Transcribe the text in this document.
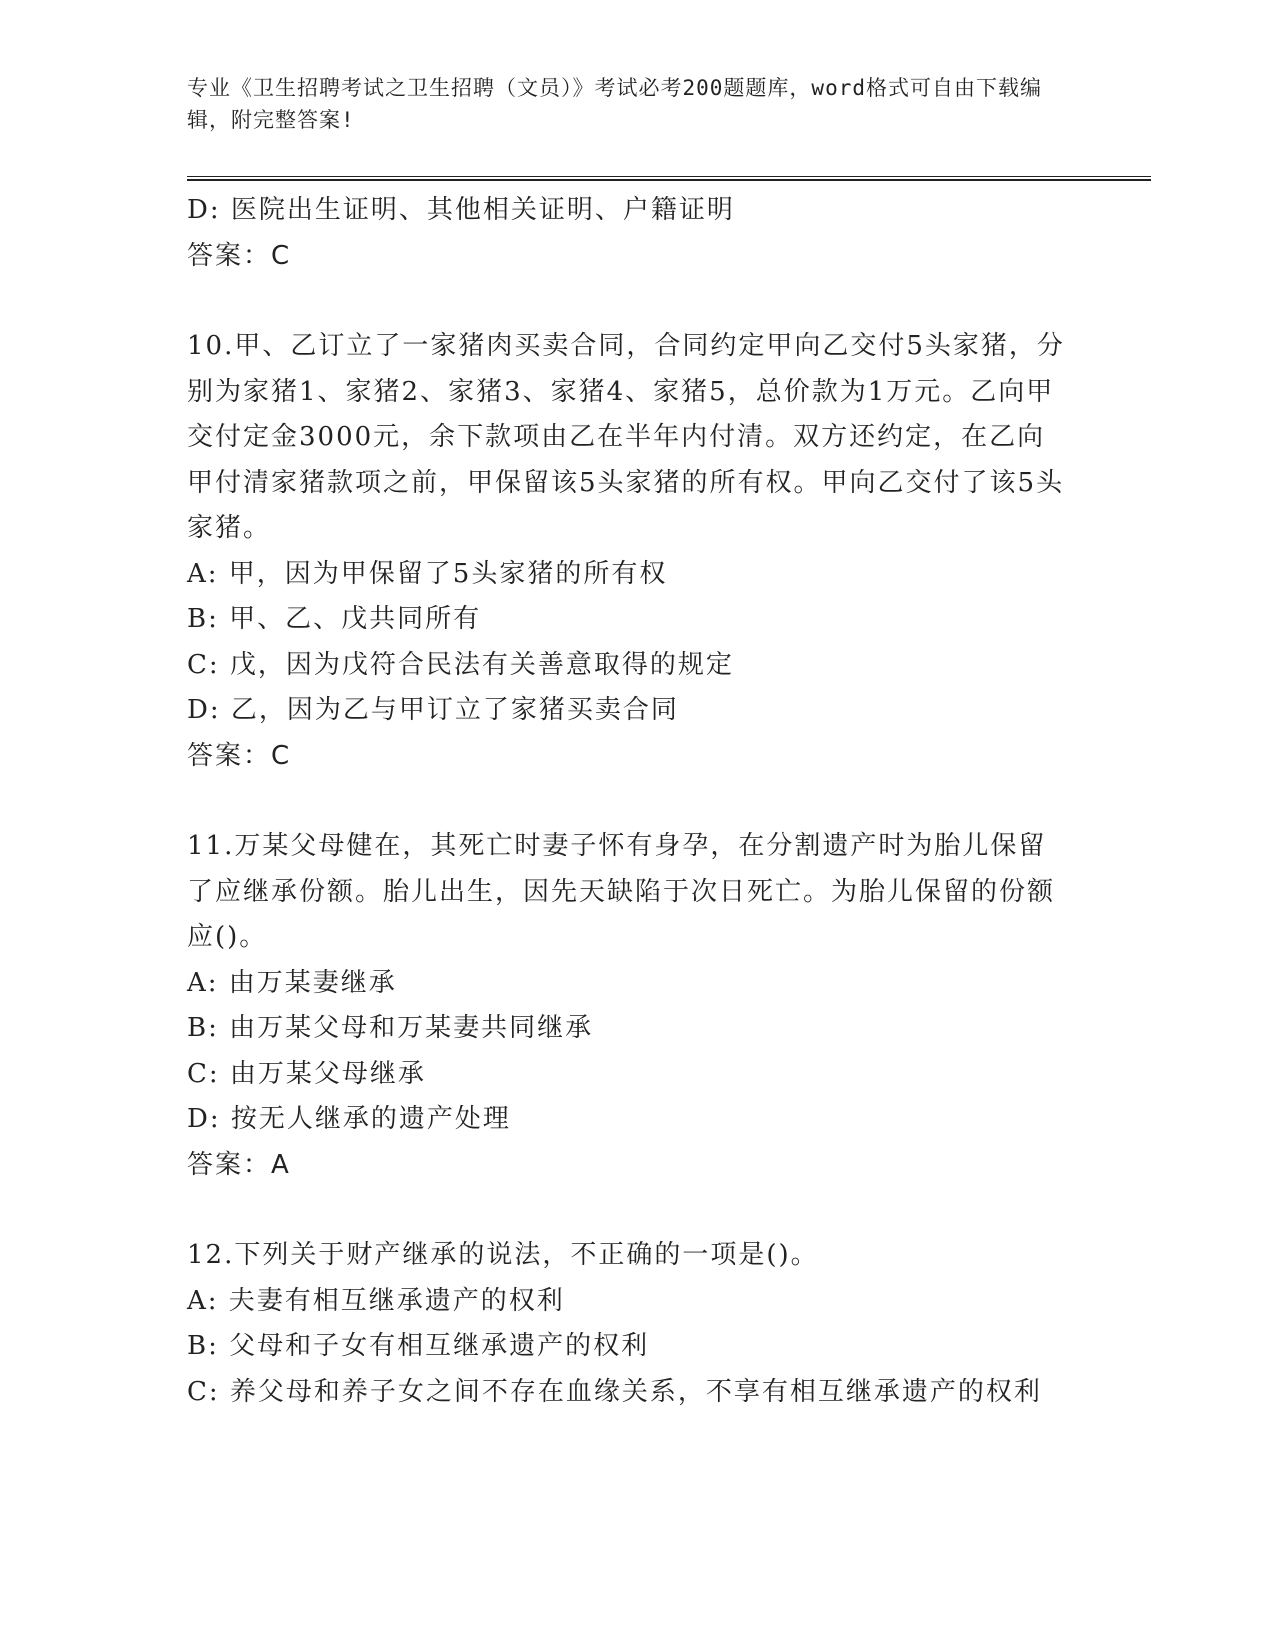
专业《卫生招聘考试之卫生招聘（文员）》考试必考200题题库，word格式可自由下载编辑，附完整答案!
D: 医院出生证明、其他相关证明、户籍证明
答案：C
10.甲、乙订立了一家猪肉买卖合同，合同约定甲向乙交付5头家猪，分别为家猪1、家猪2、家猪3、家猪4、家猪5，总价款为1万元。乙向甲交付定金3000元，余下款项由乙在半年内付清。双方还约定，在乙向甲付清家猪款项之前，甲保留该5头家猪的所有权。甲向乙交付了该5头家猪。
A: 甲，因为甲保留了5头家猪的所有权
B: 甲、乙、戊共同所有
C: 戊，因为戊符合民法有关善意取得的规定
D: 乙，因为乙与甲订立了家猪买卖合同
答案：C
11.万某父母健在，其死亡时妻子怀有身孕，在分割遗产时为胎儿保留了应继承份额。胎儿出生，因先天缺陷于次日死亡。为胎儿保留的份额应()。
A: 由万某妻继承
B: 由万某父母和万某妻共同继承
C: 由万某父母继承
D: 按无人继承的遗产处理
答案：A
12.下列关于财产继承的说法，不正确的一项是()。
A: 夫妻有相互继承遗产的权利
B: 父母和子女有相互继承遗产的权利
C: 养父母和养子女之间不存在血缘关系，不享有相互继承遗产的权利
